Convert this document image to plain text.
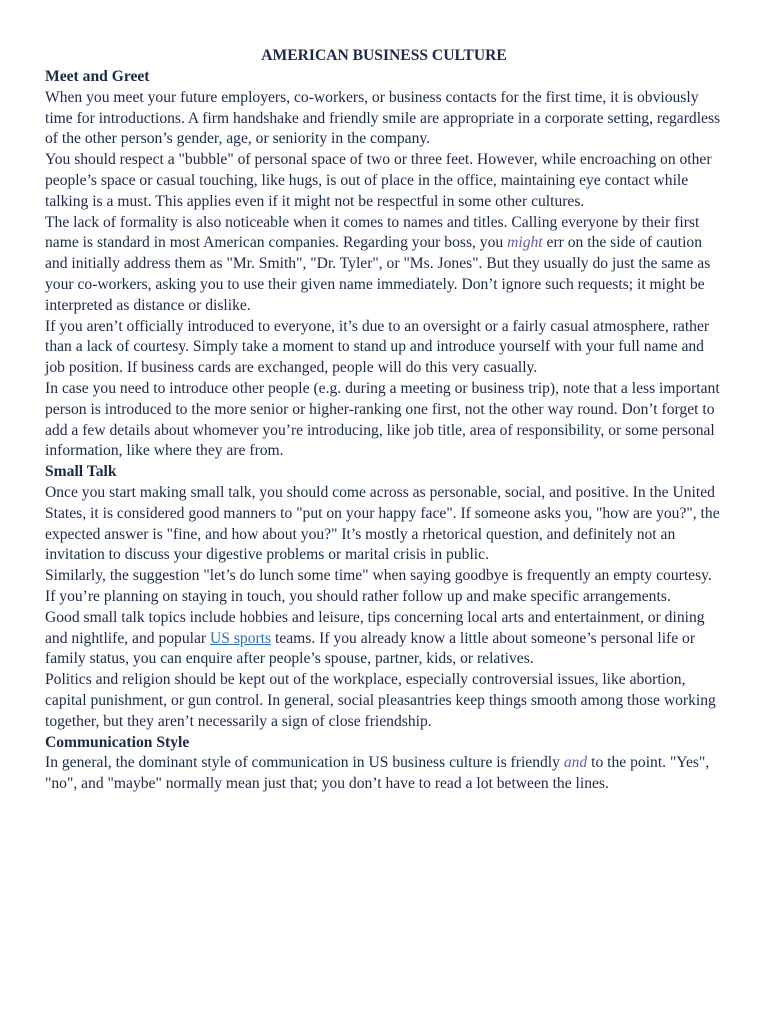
AMERICAN BUSINESS CULTURE
Meet and Greet

When you meet your future employers, co-workers, or business contacts for the first time, it is obviously time for introductions. A firm handshake and friendly smile are appropriate in a corporate setting, regardless of the other person’s gender, age, or seniority in the company.

You should respect a "bubble" of personal space of two or three feet. However, while encroaching on other people’s space or casual touching, like hugs, is out of place in the office, maintaining eye contact while talking is a must. This applies even if it might not be respectful in some other cultures.

The lack of formality is also noticeable when it comes to names and titles. Calling everyone by their first name is standard in most American companies. Regarding your boss, you might err on the side of caution and initially address them as "Mr. Smith", "Dr. Tyler", or "Ms. Jones". But they usually do just the same as your co-workers, asking you to use their given name immediately. Don’t ignore such requests; it might be interpreted as distance or dislike.

If you aren’t officially introduced to everyone, it’s due to an oversight or a fairly casual atmosphere, rather than a lack of courtesy. Simply take a moment to stand up and introduce yourself with your full name and job position. If business cards are exchanged, people will do this very casually.

In case you need to introduce other people (e.g. during a meeting or business trip), note that a less important person is introduced to the more senior or higher-ranking one first, not the other way round. Don’t forget to add a few details about whomever you’re introducing, like job title, area of responsibility, or some personal information, like where they are from.

Small Talk

Once you start making small talk, you should come across as personable, social, and positive. In the United States, it is considered good manners to "put on your happy face". If someone asks you, "how are you?", the expected answer is "fine, and how about you?" It’s mostly a rhetorical question, and definitely not an invitation to discuss your digestive problems or marital crisis in public.

Similarly, the suggestion "let’s do lunch some time" when saying goodbye is frequently an empty courtesy. If you’re planning on staying in touch, you should rather follow up and make specific arrangements.

Good small talk topics include hobbies and leisure, tips concerning local arts and entertainment, or dining and nightlife, and popular US sports teams. If you already know a little about someone’s personal life or family status, you can enquire after people’s spouse, partner, kids, or relatives.

Politics and religion should be kept out of the workplace, especially controversial issues, like abortion, capital punishment, or gun control. In general, social pleasantries keep things smooth among those working together, but they aren’t necessarily a sign of close friendship.

Communication Style

In general, the dominant style of communication in US business culture is friendly and to the point. "Yes", "no", and "maybe" normally mean just that; you don’t have to read a lot between the lines.
